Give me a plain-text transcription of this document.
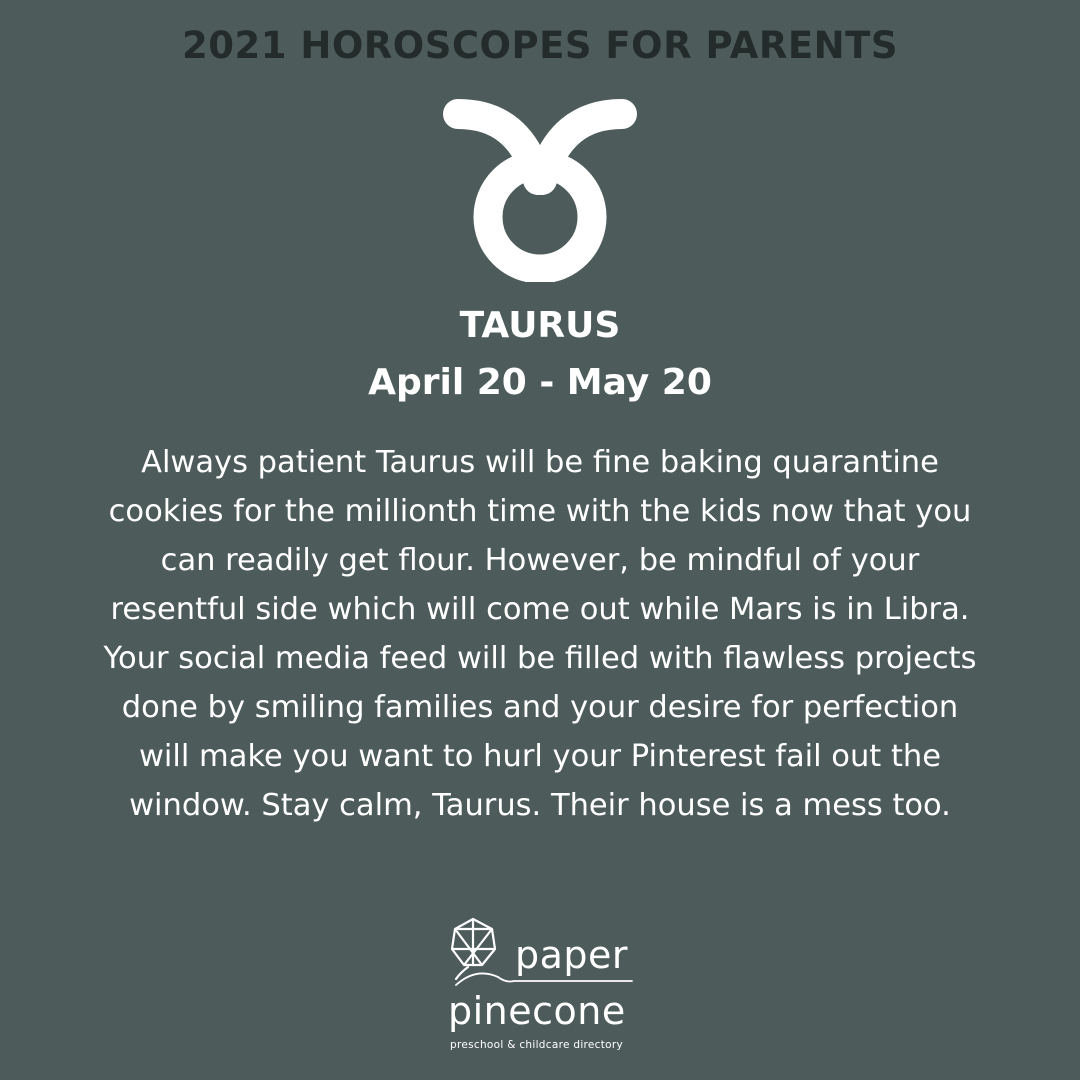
2021 HOROSCOPES FOR PARENTS
TAURUS
April 20 - May 20
Always patient Taurus will be fine baking quarantine
cookies for the millionth time with the kids now that you
can readily get flour. However, be mindful of your
resentful side which will come out while Mars is in Libra.
Your social media feed will be filled with flawless projects
done by smiling families and your desire for perfection
will make you want to hurl your Pinterest fail out the
window. Stay calm, Taurus. Their house is a mess too.
paper
pinecone
preschool & childcare directory
